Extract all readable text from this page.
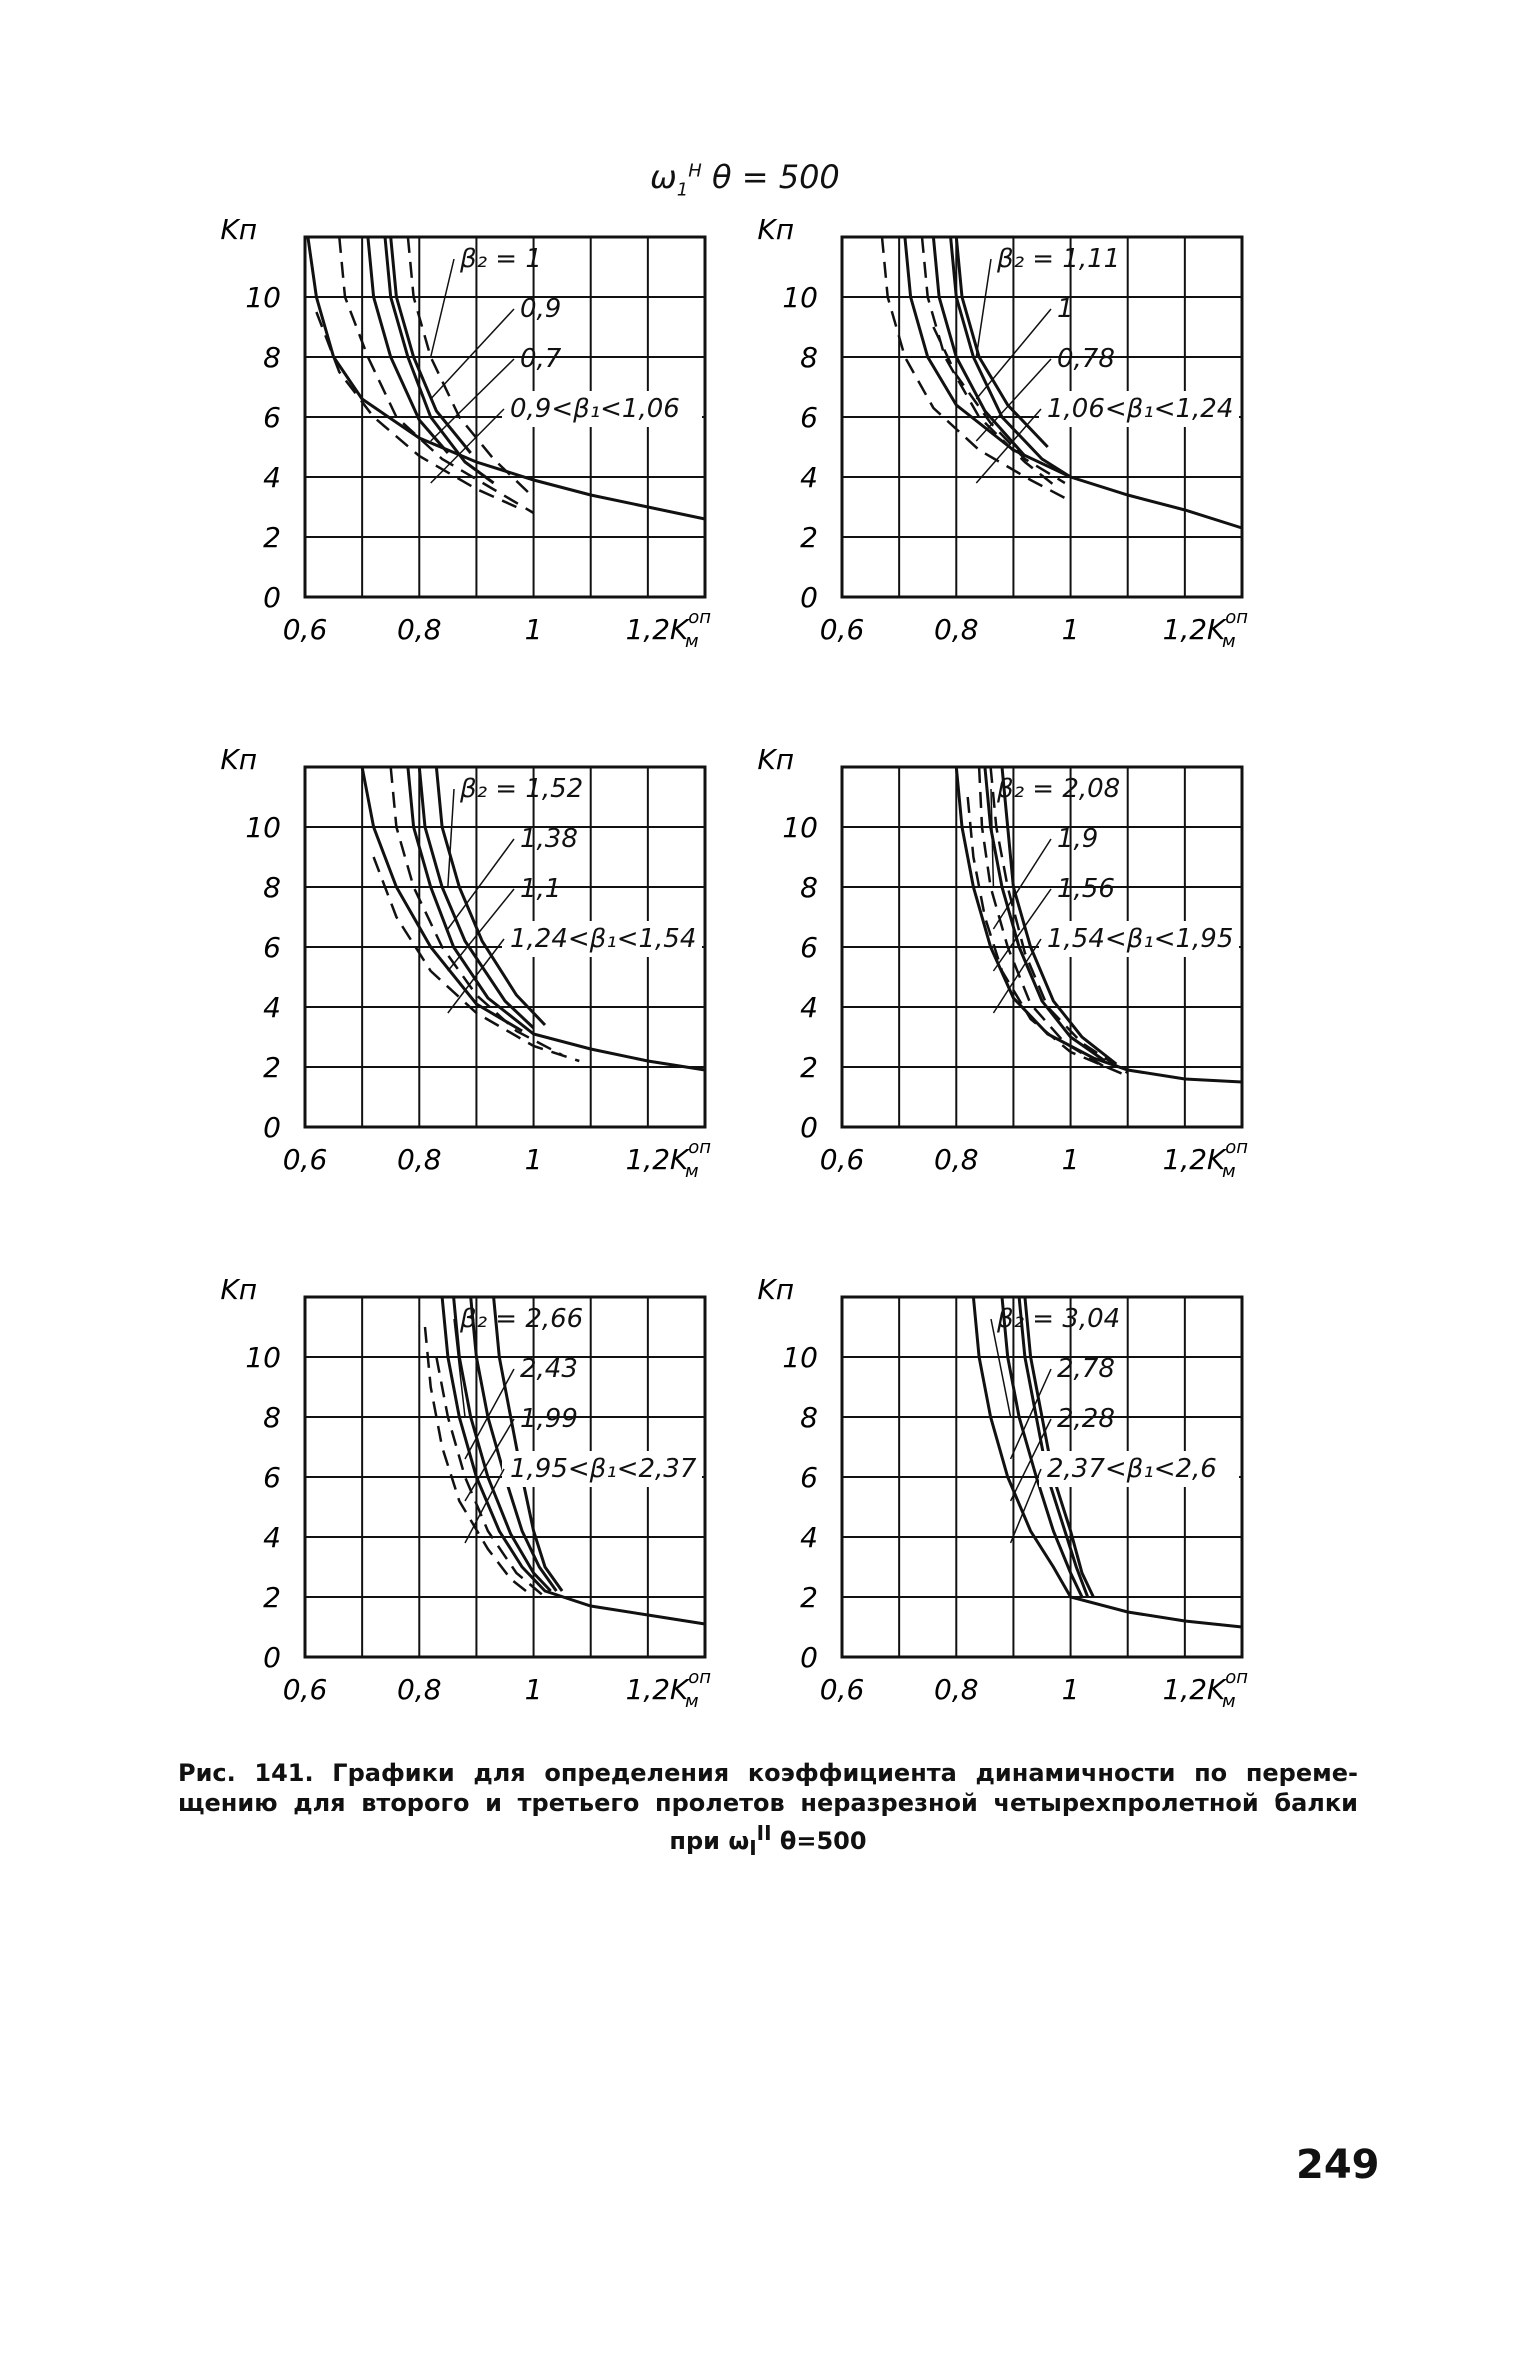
$\omega_1^H$ θ = 500
0
2
4
6
8
10
0,6 0,8	1	1,2
Kп
$K^{оп}$ м
β₂ = 1
0,9
0,7
0,9<β₁<1,06
0
2
4
6
8
10
0,6 0,8	1	1,2
Kп
$K^{оп}$ м
β₂ = 1,11
1
0,78
1,06<β₁<1,24
0
2
4
6
8
10
0,6 0,8	1	1,2
Kп
$K^{оп}$ м
β₂ = 1,52
1,38
1,1
1,24<β₁<1,54
0
2
4
6
8
10
0,6 0,8	1	1,2
Kп
$K^{оп}$ м
β₂ = 2,08
1,9
1,56
1,54<β₁<1,95
0
2
4
6
8
10
0,6 0,8	1	1,2
Kп
$K^{оп}$ м
β₂ = 2,66
2,43
1,99
1,95<β₁<2,37
0
2
4
6
8
10
0,6 0,8	1	1,2
Kп
$K^{оп}$ м
β₂ = 3,04
2,78
2,28
2,37<β₁<2,6
Рис. 141. Графики для определения коэффициента динамичности по переме-
щению для второго и третьего пролетов неразрезной четырехпролетной балки
при $\omega_I^{II}$ θ=500
249
